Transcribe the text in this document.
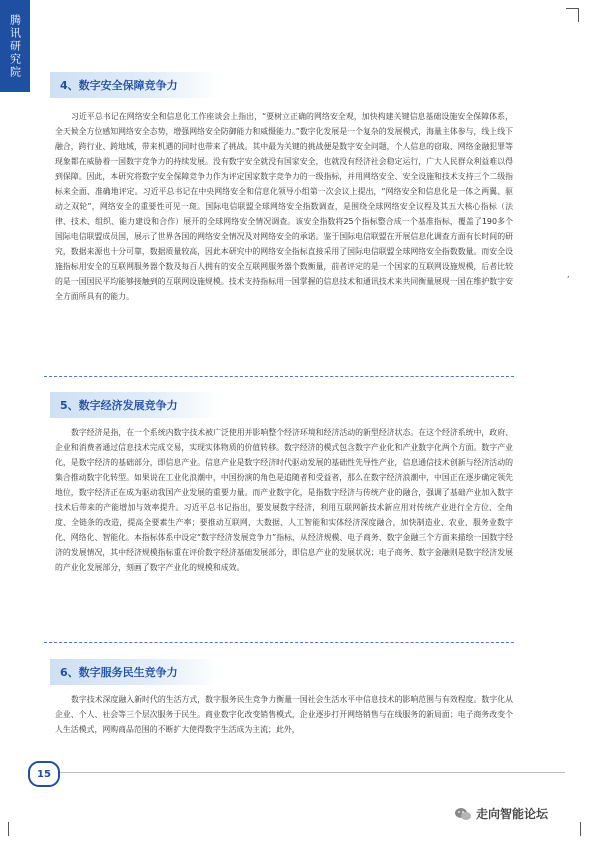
,
腾讯研究院
4、 数字安全保障竞争力

习近平总书记在网络安全和信息化工作座谈会上指出，“要树立正确的网络安全观，加快构建关键信息基础设施安全保障体系，全天候全方位感知网络安全态势，增强网络安全防御能力和威慑能力。”数字化发展是一个复杂的发展模式，海量主体参与，线上线下融合，跨行业、跨地域，带来机遇的同时也带来了挑战。其中最为关键的挑战便是数字安全问题，个人信息的窃取、网络金融犯罪等现象都在威胁着一国数字竞争力的持续发展。没有数字安全就没有国家安全，也就没有经济社会稳定运行，广大人民群众利益难以得到保障。因此，本研究将数字安全保障竞争力作为评定国家数字竞争力的一级指标，并用网络安全、安全设施和技术支持三个二级指标来全面、准确地评定。习近平总书记在中央网络安全和信息化领导小组第一次会议上提出，“网络安全和信息化是一体之两翼、驱动之双轮”，网络安全的重要性可见一斑。国际电信联盟全球网络安全指数调查，是围绕全球网络安全议程及其五大核心指标（法律、技术、组织、能力建设和合作）展开的全球网络安全情况调查。该安全指数将25个指标整合成一个基准指标，覆盖了190多个国际电信联盟成员国，展示了世界各国的网络安全情况及对网络安全的承诺。鉴于国际电信联盟在开展信息化调查方面有长时间的研究，数据来源也十分可靠，数据质量较高，因此本研究中的网络安全指标直接采用了国际电信联盟全球网络安全指数数量。而安全设施指标用安全的互联网服务器个数及每百人拥有的安全互联网服务器个数衡量，前者评定的是一个国家的互联网设施规模，后者比较的是一国国民平均能够接触到的互联网设施规模。技术支持指标用一国掌握的信息技术和通讯技术来共同衡量展现一国在维护数字安全方面所具有的能力。

5、 数字经济发展竞争力

数字经济是指，在一个系统内数字技术被广泛使用并影响整个经济环境和经济活动的新型经济状态。在这个经济系统中，政府、企业和消费者通过信息技术完成交易，实现实体物质的价值转移。数字经济的模式包含数字产业化和产业数字化两个方面。数字产业化，是数字经济的基础部分，即信息产业。信息产业是数字经济时代驱动发展的基础性先导性产业，信息通信技术创新与经济活动的集合推动数字化转型。如果说在工业化浪潮中，中国扮演的角色是追随者和受益者，那么在数字经济浪潮中，中国正在逐步确定领先地位，数字经济正在成为驱动我国产业发展的重要力量。而产业数字化，是指数字经济与传统产业的融合，强调了基础产业加入数字技术后带来的产能增加与效率提升。习近平总书记指出，要发展数字经济，利用互联网新技术新应用对传统产业进行全方位、全角度、全链条的改造，提高全要素生产率；要推动互联网、大数据、人工智能和实体经济深度融合，加快制造业、农业、服务业数字化、网络化、智能化。本指标体系中设定“数字经济发展竞争力”指标，从经济规模、电子商务、数字金融三个方面来描绘一国数字经济的发展情况，其中经济规模指标重在评价数字经济基础发展部分，即信息产业的发展状况；电子商务、数字金融则是数字经济发展的产业化发展部分，刻画了数字产业化的规模和成效。

6、 数字服务民生竞争力

数字技术深度融入新时代的生活方式，数字服务民生竞争力衡量一国社会生活水平中信息技术的影响范围与有效程度。数字化从企业、个人、社会等三个层次服务于民生。商业数字化改变销售模式，企业逐步打开网络销售与在线服务的新局面；电子商务改变个人生活模式，网购商品范围的不断扩大使得数字生活成为主流；此外，

15
走向智能论坛
